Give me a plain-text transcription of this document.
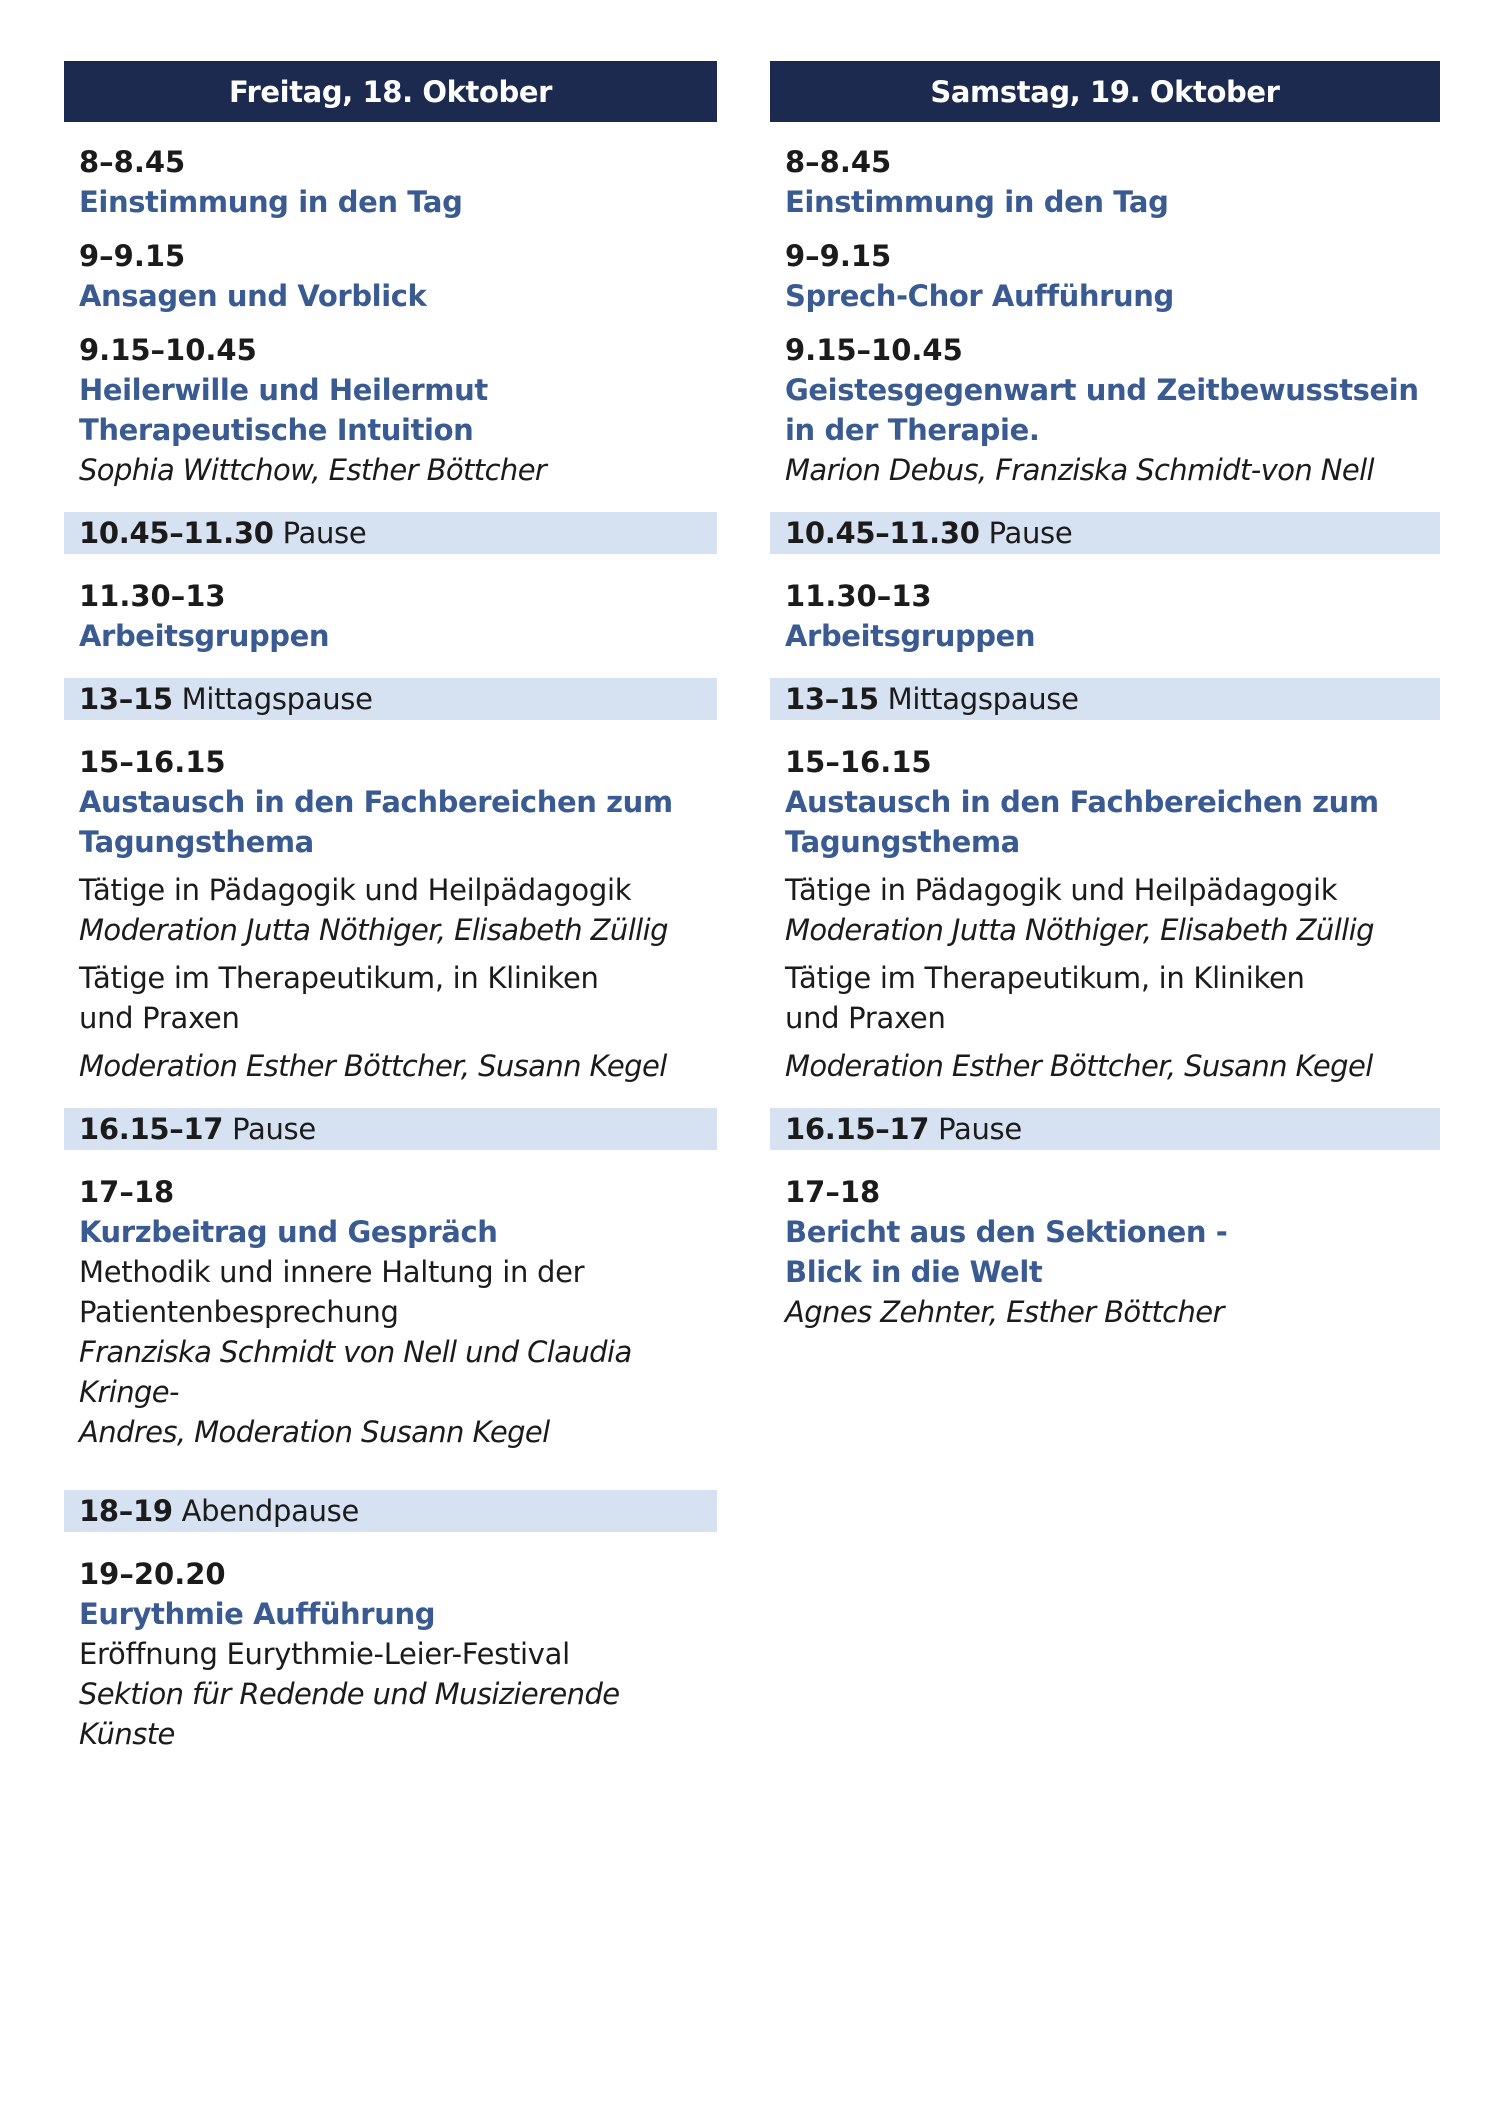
Freitag, 18. Oktober
8–8.45
Einstimmung in den Tag
9–9.15
Ansagen und Vorblick
9.15–10.45
Heilerwille und Heilermut
Therapeutische Intuition
Sophia Wittchow, Esther Böttcher
10.45–11.30 Pause
11.30–13
Arbeitsgruppen
13–15 Mittagspause
15–16.15
Austausch in den Fachbereichen zum
Tagungsthema
Tätige in Pädagogik und Heilpädagogik
Moderation Jutta Nöthiger, Elisabeth Züllig
Tätige im Therapeutikum, in Kliniken
und Praxen
Moderation Esther Böttcher, Susann Kegel
16.15–17 Pause
17–18
Kurzbeitrag und Gespräch
Methodik und innere Haltung in der
Patientenbesprechung
Franziska Schmidt von Nell und Claudia Kringe-
Andres, Moderation Susann Kegel
18–19 Abendpause
19–20.20
Eurythmie Aufführung
Eröffnung Eurythmie-Leier-Festival
Sektion für Redende und Musizierende Künste
Samstag, 19. Oktober
8–8.45
Einstimmung in den Tag
9–9.15
Sprech-Chor Aufführung
9.15–10.45
Geistesgegenwart und Zeitbewusstsein
in der Therapie.
Marion Debus, Franziska Schmidt-von Nell
10.45–11.30 Pause
11.30–13
Arbeitsgruppen
13–15 Mittagspause
15–16.15
Austausch in den Fachbereichen zum
Tagungsthema
Tätige in Pädagogik und Heilpädagogik
Moderation Jutta Nöthiger, Elisabeth Züllig
Tätige im Therapeutikum, in Kliniken
und Praxen
Moderation Esther Böttcher, Susann Kegel
16.15–17 Pause
17–18
Bericht aus den Sektionen -
Blick in die Welt
Agnes Zehnter, Esther Böttcher
